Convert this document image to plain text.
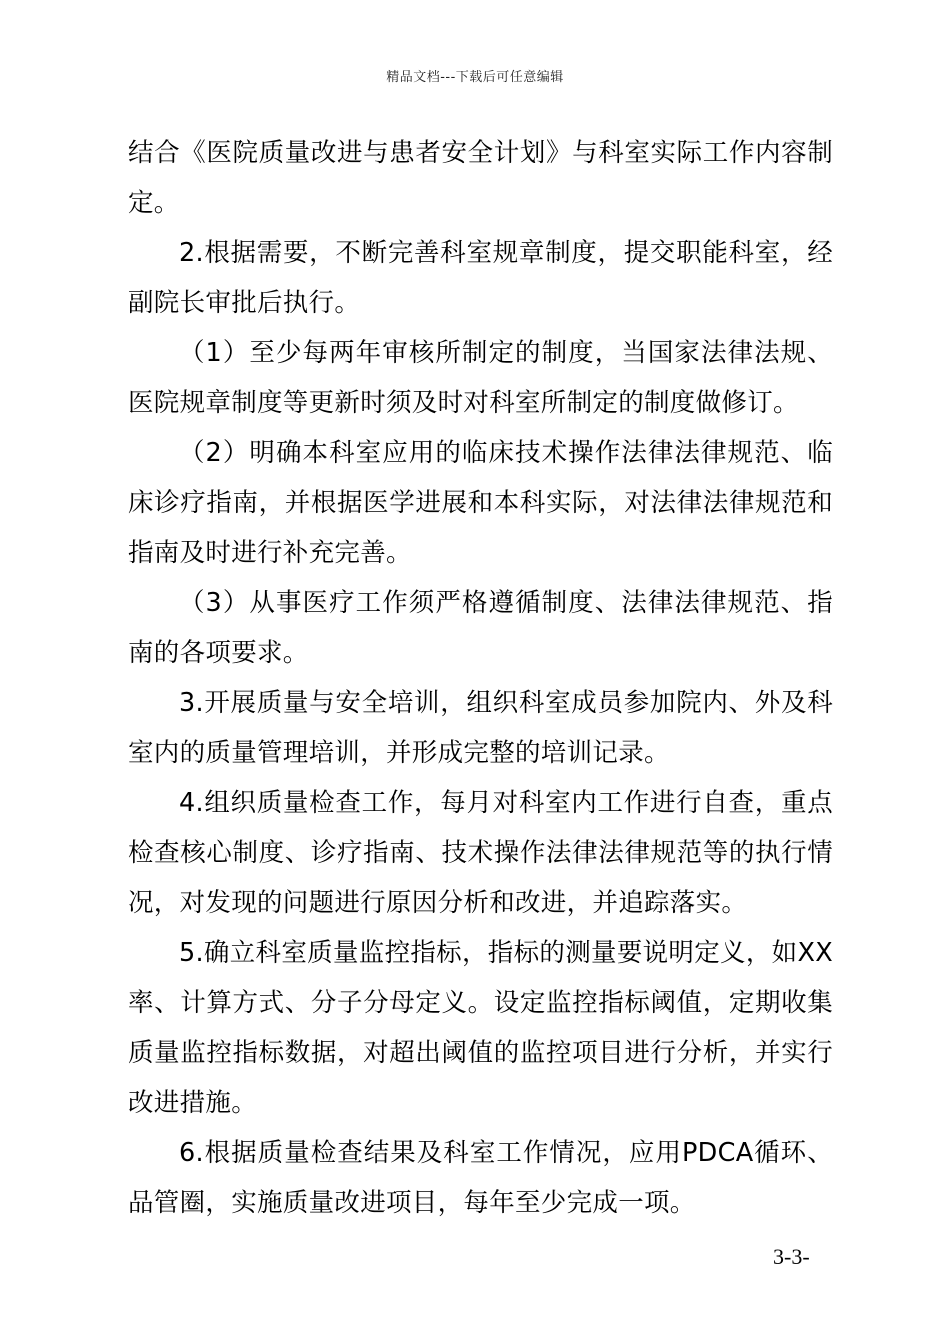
精品文档---下载后可任意编辑

结合《医院质量改进与患者安全计划》与科室实际工作内容制定。

2.根据需要，不断完善科室规章制度，提交职能科室，经副院长审批后执行。

（1）至少每两年审核所制定的制度，当国家法律法规、医院规章制度等更新时须及时对科室所制定的制度做修订。

（2）明确本科室应用的临床技术操作法律法律规范、临床诊疗指南，并根据医学进展和本科实际，对法律法律规范和指南及时进行补充完善。

（3）从事医疗工作须严格遵循制度、法律法律规范、指南的各项要求。

3.开展质量与安全培训，组织科室成员参加院内、外及科室内的质量管理培训，并形成完整的培训记录。

4.组织质量检查工作，每月对科室内工作进行自查，重点检查核心制度、诊疗指南、技术操作法律法律规范等的执行情况，对发现的问题进行原因分析和改进，并追踪落实。

5.确立科室质量监控指标，指标的测量要说明定义，如XX率、计算方式、分子分母定义。设定监控指标阈值，定期收集质量监控指标数据，对超出阈值的监控项目进行分析，并实行改进措施。

6.根据质量检查结果及科室工作情况，应用PDCA循环、品管圈，实施质量改进项目，每年至少完成一项。

3-3-
